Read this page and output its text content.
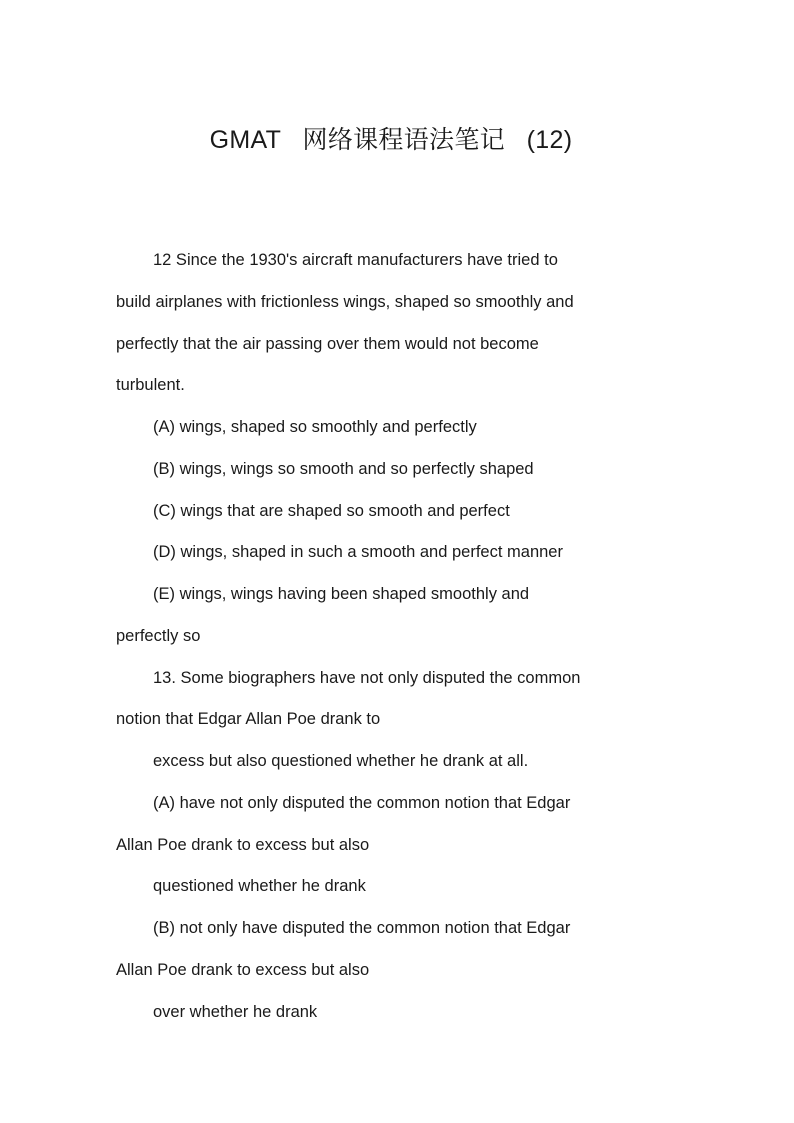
GMAT   网络课程语法笔记   (12)
12 Since the 1930's aircraft manufacturers have tried to
build airplanes with frictionless wings, shaped so smoothly and
perfectly that the air passing over them would not become
turbulent.
(A) wings, shaped so smoothly and perfectly
(B) wings, wings so smooth and so perfectly shaped
(C) wings that are shaped so smooth and perfect
(D) wings, shaped in such a smooth and perfect manner
(E) wings, wings having been shaped smoothly and
perfectly so
13. Some biographers have not only disputed the common
notion that Edgar Allan Poe drank to
excess but also questioned whether he drank at all.
(A) have not only disputed the common notion that Edgar
Allan Poe drank to excess but also
questioned whether he drank
(B) not only have disputed the common notion that Edgar
Allan Poe drank to excess but also
over whether he drank
